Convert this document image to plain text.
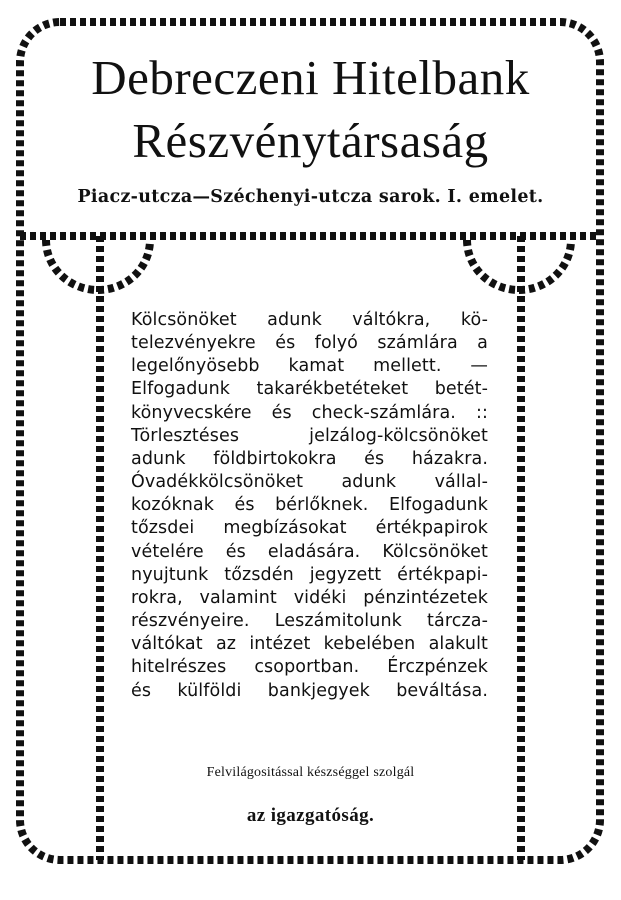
Debreczeni Hitelbank
Részvénytársaság
Piacz-utcza—Széchenyi-utcza sarok. I. emelet.
Kölcsönöket adunk váltókra, kö-
telezvényekre és folyó számlára a
legelőnyösebb kamat mellett. —
Elfogadunk takarékbetéteket betét-
könyvecskére és check-számlára. ::
Törlesztéses jelzálog-kölcsönöket
adunk földbirtokokra és házakra.
Óvadékkölcsönöket adunk vállal-
kozóknak és bérlőknek. Elfogadunk
tőzsdei megbízásokat értékpapirok
vételére és eladására. Kölcsönöket
nyujtunk tőzsdén jegyzett értékpapi-
rokra, valamint vidéki pénzintézetek
részvényeire. Leszámitolunk tárcza-
váltókat az intézet kebelében alakult
hitelrészes csoportban. Érczpénzek
és külföldi bankjegyek beváltása.

Felvilágositással készséggel szolgál

az igazgatóság.
